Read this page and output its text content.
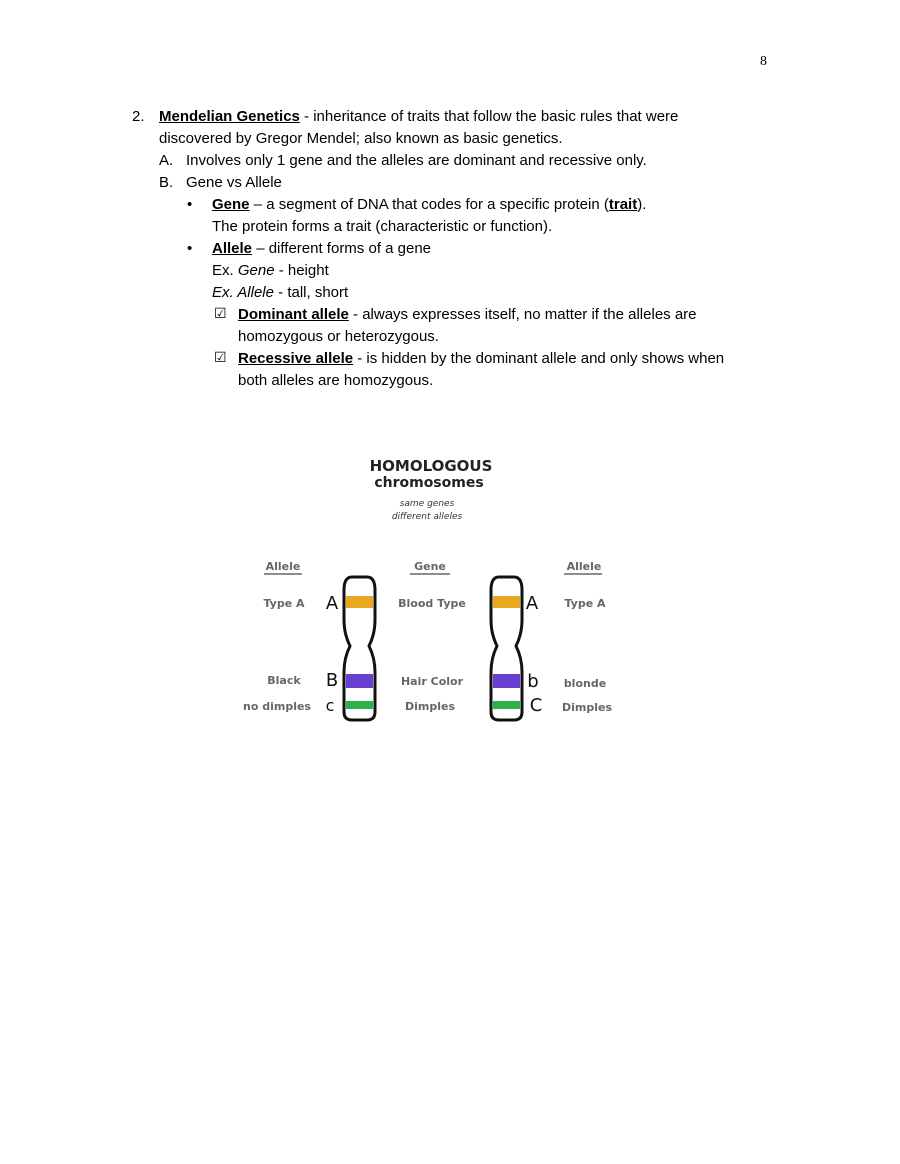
8
2. Mendelian Genetics - inheritance of traits that follow the basic rules that were
discovered by Gregor Mendel; also known as basic genetics.
A. Involves only 1 gene and the alleles are dominant and recessive only.
B. Gene vs Allele
• Gene – a segment of DNA that codes for a specific protein (trait).
The protein forms a trait (characteristic or function).
• Allele – different forms of a gene
Ex. Gene - height
Ex. Allele - tall, short
☑ Dominant allele - always expresses itself, no matter if the alleles are
homozygous or heterozygous.
☑ Recessive allele - is hidden by the dominant allele and only shows when
both alleles are homozygous.
HOMOLOGOUS
chromosomes
same genes
different alleles
Allele	Gene	Allele
Type A A	Blood Type	A Type A
Black B	Hair Color	b blonde
no dimples c	Dimples	C Dimples
